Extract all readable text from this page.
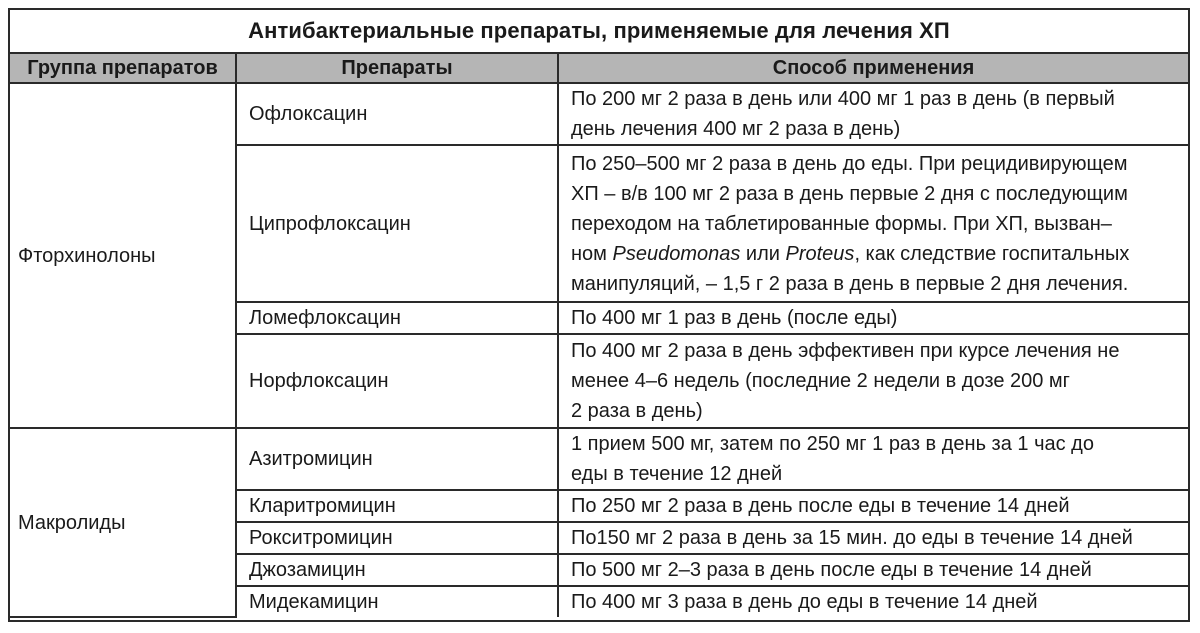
Антибактериальные препараты, применяемые для лечения ХП
Группа препаратов	Препараты	Способ применения
Фторхинолоны	Офлоксацин	По 200 мг 2 раза в день или 400 мг 1 раз в день (в первый
день лечения 400 мг 2 раза в день)

	Ципрофлоксацин	По 250–500 мг 2 раза в день до еды. При рецидивирующем
ХП – в/в 100 мг 2 раза в день первые 2 дня с последующим
переходом на таблетированные формы. При ХП, вызван–
ном Pseudomonas или Proteus, как следствие госпитальных
манипуляций, – 1,5 г 2 раза в день в первые 2 дня лечения.

	Ломефлоксацин	По 400 мг 1 раз в день (после еды)

	Норфлоксацин	По 400 мг 2 раза в день эффективен при курсе лечения не
менее 4–6 недель (последние 2 недели в дозе 200 мг
2 раза в день)

Макролиды	Азитромицин	1 прием 500 мг, затем по 250 мг 1 раз в день за 1 час до
еды в течение 12 дней

	Кларитромицин	По 250 мг 2 раза в день после еды в течение 14 дней

	Рокситромицин	По150 мг 2 раза в день за 15 мин. до еды в течение 14 дней

	Джозамицин	По 500 мг 2–3 раза в день после еды в течение 14 дней

	Мидекамицин	По 400 мг 3 раза в день до еды в течение 14 дней
